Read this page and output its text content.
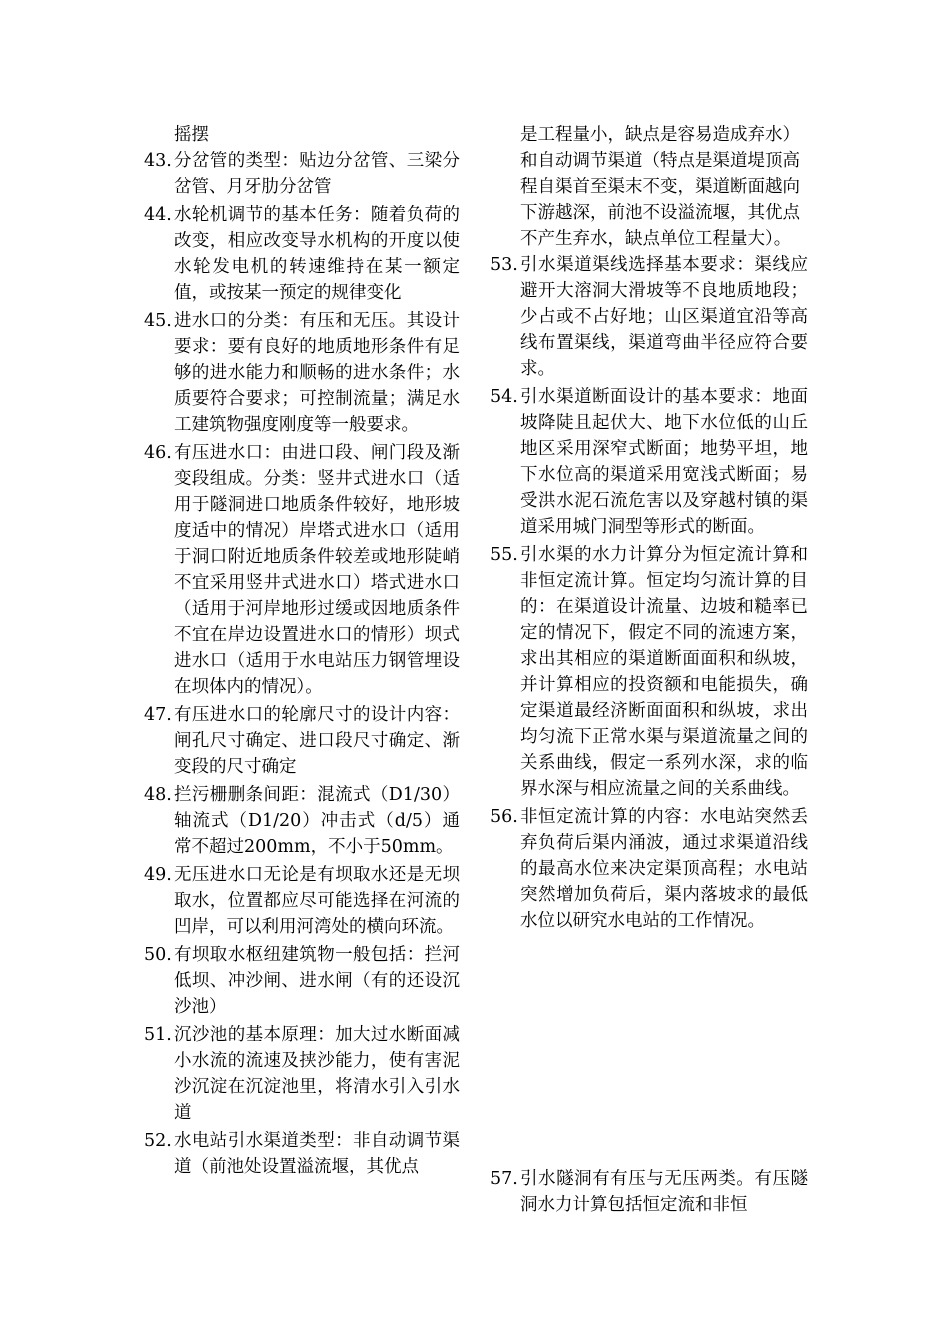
摇摆
43. 分岔管的类型：贴边分岔管、三梁分岔管、月牙肋分岔管
44. 水轮机调节的基本任务：随着负荷的改变，相应改变导水机构的开度以使水轮发电机的转速维持在某一额定值，或按某一预定的规律变化
45. 进水口的分类：有压和无压。其设计要求：要有良好的地质地形条件有足够的进水能力和顺畅的进水条件；水质要符合要求；可控制流量；满足水工建筑物强度刚度等一般要求。
46. 有压进水口：由进口段、闸门段及渐变段组成。分类：竖井式进水口（适用于隧洞进口地质条件较好，地形坡度适中的情况）岸塔式进水口（适用于洞口附近地质条件较差或地形陡峭不宜采用竖井式进水口）塔式进水口（适用于河岸地形过缓或因地质条件不宜在岸边设置进水口的情形）坝式进水口（适用于水电站压力钢管埋设在坝体内的情况）。
47. 有压进水口的轮廓尺寸的设计内容：闸孔尺寸确定、进口段尺寸确定、渐变段的尺寸确定
48. 拦污栅删条间距：混流式（D1/30）轴流式（D1/20）冲击式（d/5）通常不超过200mm，不小于50mm。
49. 无压进水口无论是有坝取水还是无坝取水，位置都应尽可能选择在河流的凹岸，可以利用河湾处的横向环流。
50. 有坝取水枢纽建筑物一般包括：拦河低坝、冲沙闸、进水闸（有的还设沉沙池）
51. 沉沙池的基本原理：加大过水断面减小水流的流速及挟沙能力，使有害泥沙沉淀在沉淀池里，将清水引入引水道
52. 水电站引水渠道类型：非自动调节渠道（前池处设置溢流堰，其优点
是工程量小，缺点是容易造成弃水）和自动调节渠道（特点是渠道堤顶高程自渠首至渠末不变，渠道断面越向下游越深，前池不设溢流堰，其优点不产生弃水，缺点单位工程量大）。
53. 引水渠道渠线选择基本要求：渠线应避开大溶洞大滑坡等不良地质地段；少占或不占好地；山区渠道宜沿等高线布置渠线，渠道弯曲半径应符合要求。
54. 引水渠道断面设计的基本要求：地面坡降陡且起伏大、地下水位低的山丘地区采用深窄式断面；地势平坦，地下水位高的渠道采用宽浅式断面；易受洪水泥石流危害以及穿越村镇的渠道采用城门洞型等形式的断面。
55. 引水渠的水力计算分为恒定流计算和非恒定流计算。恒定均匀流计算的目的：在渠道设计流量、边坡和糙率已定的情况下，假定不同的流速方案，求出其相应的渠道断面面积和纵坡，并计算相应的投资额和电能损失，确定渠道最经济断面面积和纵坡，求出均匀流下正常水渠与渠道流量之间的关系曲线，假定一系列水深，求的临界水深与相应流量之间的关系曲线。
56. 非恒定流计算的内容：水电站突然丢弃负荷后渠内涌波，通过求渠道沿线的最高水位来决定渠顶高程；水电站突然增加负荷后，渠内落坡求的最低水位以研究水电站的工作情况。
57. 引水隧洞有有压与无压两类。有压隧洞水力计算包括恒定流和非恒
